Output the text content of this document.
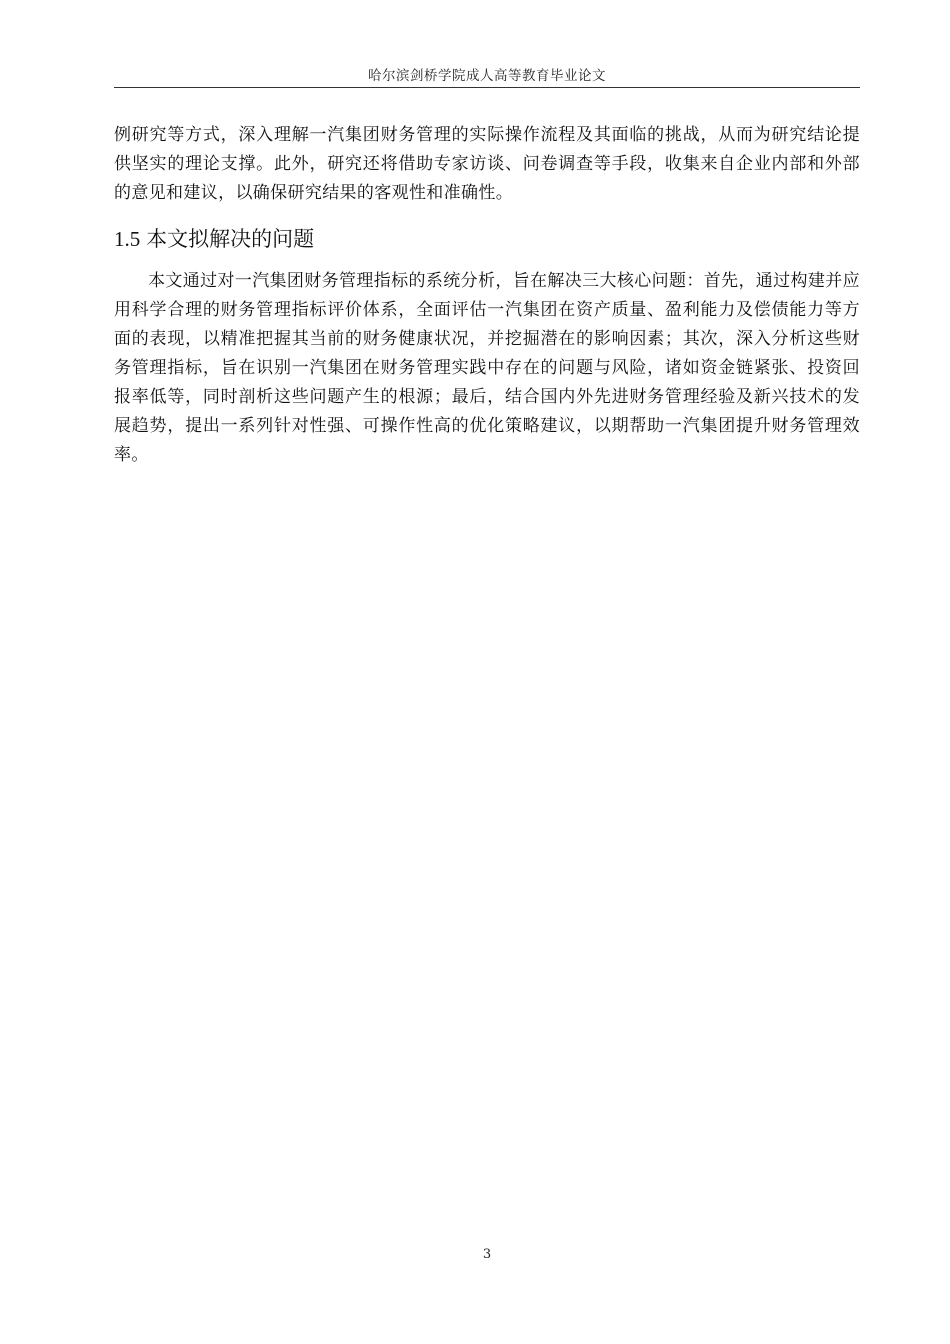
哈尔滨剑桥学院成人高等教育毕业论文

例研究等方式，深入理解一汽集团财务管理的实际操作流程及其面临的挑战，从而为研究结论提供坚实的理论支撑。此外，研究还将借助专家访谈、问卷调查等手段，收集来自企业内部和外部的意见和建议，以确保研究结果的客观性和准确性。

1.5 本文拟解决的问题

本文通过对一汽集团财务管理指标的系统分析，旨在解决三大核心问题：首先，通过构建并应用科学合理的财务管理指标评价体系，全面评估一汽集团在资产质量、盈利能力及偿债能力等方面的表现，以精准把握其当前的财务健康状况，并挖掘潜在的影响因素；其次，深入分析这些财务管理指标，旨在识别一汽集团在财务管理实践中存在的问题与风险，诸如资金链紧张、投资回报率低等，同时剖析这些问题产生的根源；最后，结合国内外先进财务管理经验及新兴技术的发展趋势，提出一系列针对性强、可操作性高的优化策略建议，以期帮助一汽集团提升财务管理效率。

3
